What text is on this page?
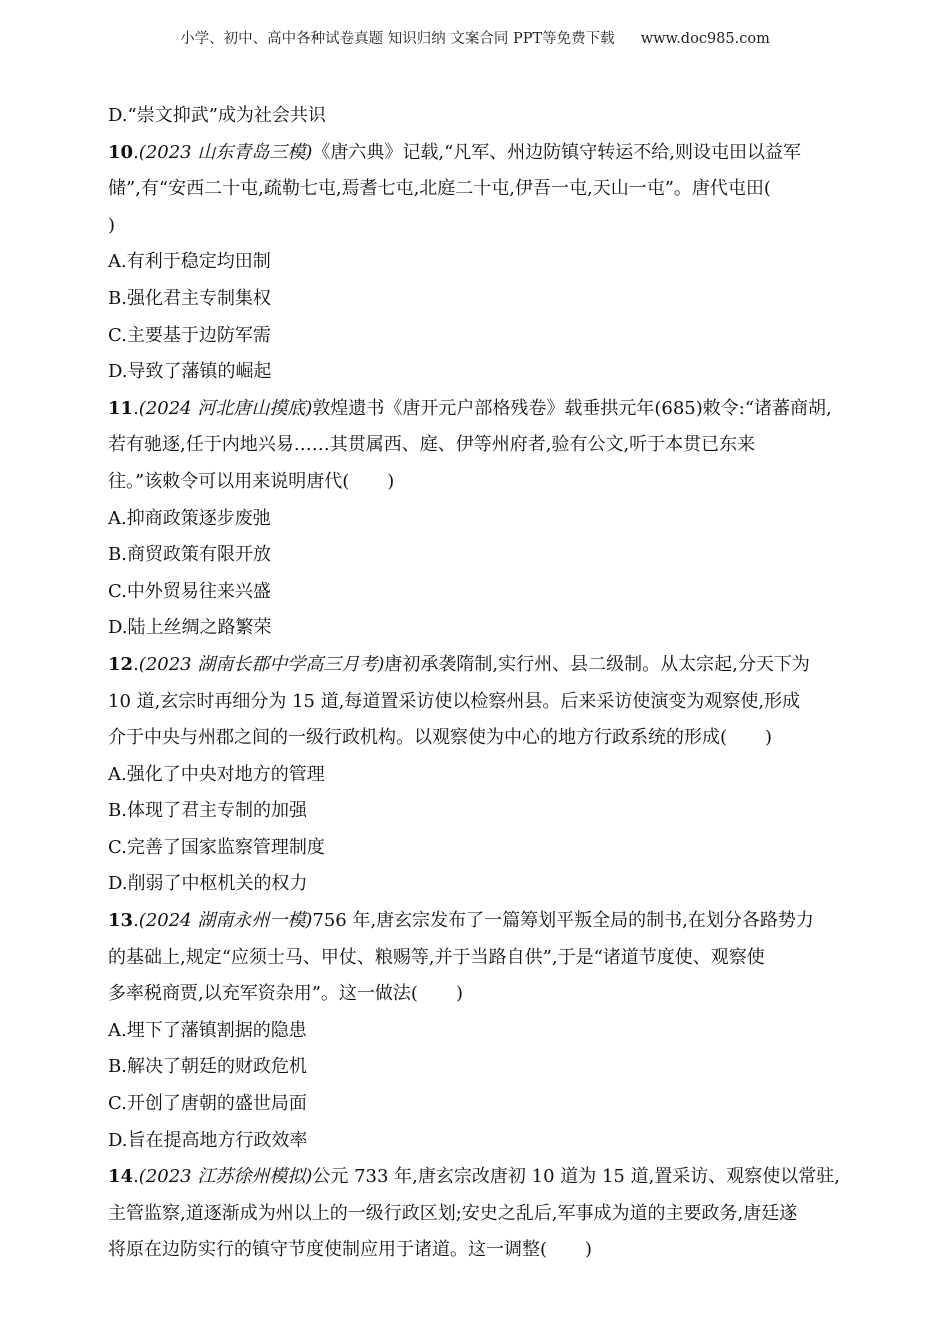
小学、初中、高中各种试卷真题 知识归纳 文案合同 PPT等免费下载 www.doc985.com
D.“崇文抑武”成为社会共识
10.(2023 山东青岛三模)《唐六典》记载,“凡军、州边防镇守转运不给,则设屯田以益军
储”,有“安西二十屯,疏勒七屯,焉耆七屯,北庭二十屯,伊吾一屯,天山一屯”。唐代屯田(
)
A.有利于稳定均田制
B.强化君主专制集权
C.主要基于边防军需
D.导致了藩镇的崛起
11.(2024 河北唐山摸底)敦煌遗书《唐开元户部格残卷》载垂拱元年(685)敕令:“诸蕃商胡,
若有驰逐,任于内地兴易……其贯属西、庭、伊等州府者,验有公文,听于本贯已东来
往。”该敕令可以用来说明唐代( )
A.抑商政策逐步废弛
B.商贸政策有限开放
C.中外贸易往来兴盛
D.陆上丝绸之路繁荣
12.(2023 湖南长郡中学高三月考)唐初承袭隋制,实行州、县二级制。从太宗起,分天下为
10 道,玄宗时再细分为 15 道,每道置采访使以检察州县。后来采访使演变为观察使,形成
介于中央与州郡之间的一级行政机构。以观察使为中心的地方行政系统的形成( )
A.强化了中央对地方的管理
B.体现了君主专制的加强
C.完善了国家监察管理制度
D.削弱了中枢机关的权力
13.(2024 湖南永州一模)756 年,唐玄宗发布了一篇筹划平叛全局的制书,在划分各路势力
的基础上,规定“应须士马、甲仗、粮赐等,并于当路自供”,于是“诸道节度使、观察使
多率税商贾,以充军资杂用”。这一做法( )
A.埋下了藩镇割据的隐患
B.解决了朝廷的财政危机
C.开创了唐朝的盛世局面
D.旨在提高地方行政效率
14.(2023 江苏徐州模拟)公元 733 年,唐玄宗改唐初 10 道为 15 道,置采访、观察使以常驻,
主管监察,道逐渐成为州以上的一级行政区划;安史之乱后,军事成为道的主要政务,唐廷遂
将原在边防实行的镇守节度使制应用于诸道。这一调整( )
